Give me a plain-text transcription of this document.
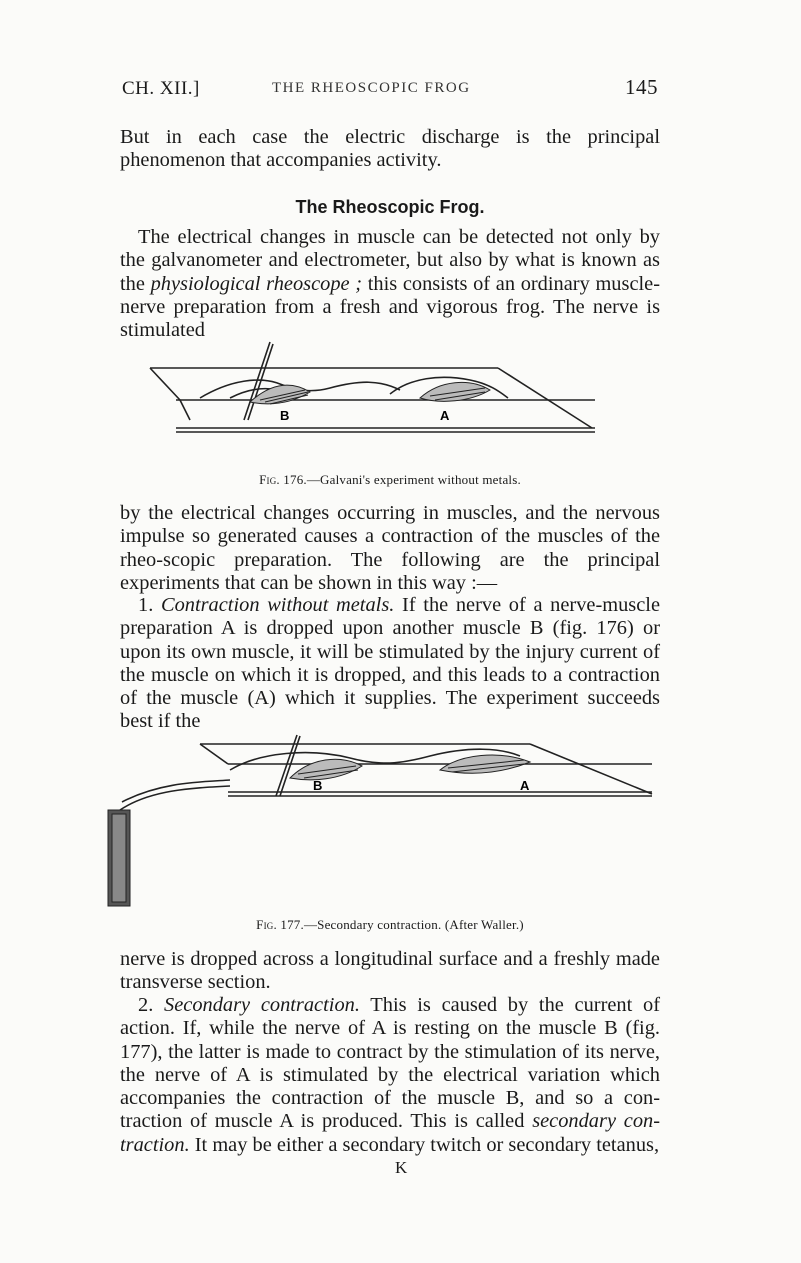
CH. XII.]	THE RHEOSCOPIC FROG	145

But in each case the electric discharge is the principal phenomenon that accompanies activity.

The Rheoscopic Frog.

The electrical changes in muscle can be detected not only by the galvanometer and electrometer, but also by what is known as the physiological rheoscope ; this consists of an ordinary muscle-nerve preparation from a fresh and vigorous frog. The nerve is stimulated

B	A
Fig. 176.—Galvani's experiment without metals.

by the electrical changes occurring in muscles, and the nervous impulse so generated causes a contraction of the muscles of the rheo-scopic preparation. The following are the principal experiments that can be shown in this way :—

1. Contraction without metals. If the nerve of a nerve-muscle preparation A is dropped upon another muscle B (fig. 176) or upon its own muscle, it will be stimulated by the injury current of the muscle on which it is dropped, and this leads to a contraction of the muscle (A) which it supplies. The experiment succeeds best if the

B	A
Fig. 177.—Secondary contraction. (After Waller.)

nerve is dropped across a longitudinal surface and a freshly made transverse section.

2. Secondary contraction. This is caused by the current of action. If, while the nerve of A is resting on the muscle B (fig. 177), the latter is made to contract by the stimulation of its nerve, the nerve of A is stimulated by the electrical variation which accompanies the contraction of the muscle B, and so a con-traction of muscle A is produced. This is called secondary con-traction. It may be either a secondary twitch or secondary tetanus,

K
